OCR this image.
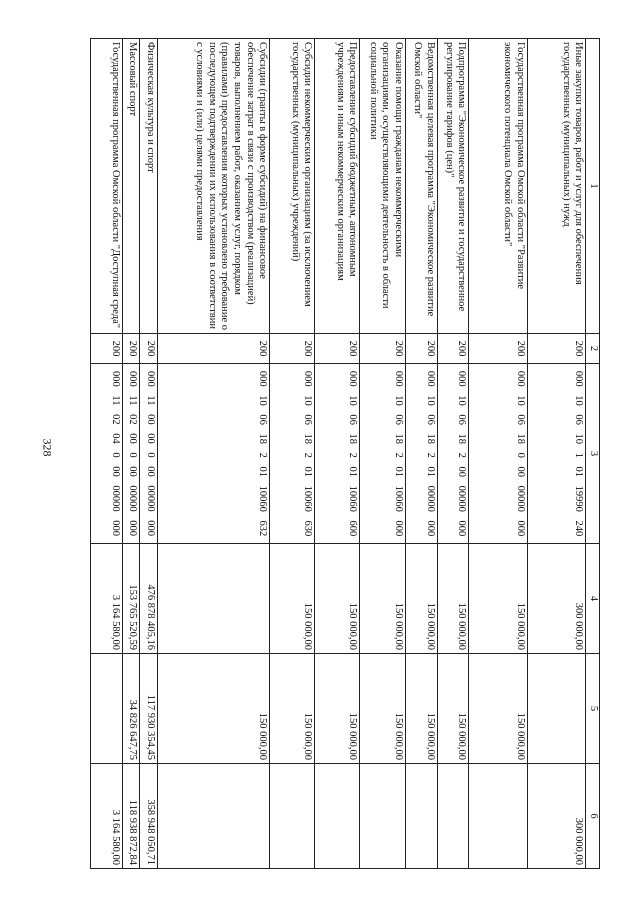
328
1	2	3	4	5	6
Иные закупки товаров, работ и услуг для обеспечения государственных (муниципальных) нужд	200	000 10 06 10 1 01 19990 240	300 000,00		300 000,00
Государственная программа Омской области "Развитие экономического потенциала Омской области"	200	000 10 06 18 0 00 00000 000	150 000,00	150 000,00	
Подпрограмма "Экономическое развитие и государственное регулирование тарифов (цен)"	200	000 10 06 18 2 00 00000 000	150 000,00	150 000,00	
Ведомственная целевая программа "Экономическое развитие Омской области"	200	000 10 06 18 2 01 00000 000	150 000,00	150 000,00	
Оказание помощи гражданам некоммерческими организациями, осуществляющими деятельность в области социальной политики	200	000 10 06 18 2 01 10060 000	150 000,00	150 000,00	
Предоставление субсидий бюджетным, автономным учреждениям и иным некоммерческим организациям	200	000 10 06 18 2 01 10060 600	150 000,00	150 000,00	
Субсидии некоммерческим организациям (за исключением государственных (муниципальных) учреждений)	200	000 10 06 18 2 01 10060 630	150 000,00	150 000,00	
Субсидии (гранты в форме субсидий) на финансовое обеспечение затрат в связи с производством (реализацией) товаров, выполнением работ, оказанием услуг, порядком (правилами) предоставления которых установлено требование о последующем подтверждении их использования в соответствии с условиями и (или) целями предоставления	200	000 10 06 18 2 01 10060 632		150 000,00	
Физическая культура и спорт	200	000 11 00 00 0 00 00000 000	476 878 405,16	117 930 354,45	358 948 050,71
Массовый спорт	200	000 11 02 00 0 00 00000 000	153 765 520,59	34 826 647,75	118 938 872,84
Государственная программа Омской области "Доступная среда"	200	000 11 02 04 0 00 00000 000	3 164 580,00		3 164 580,00
